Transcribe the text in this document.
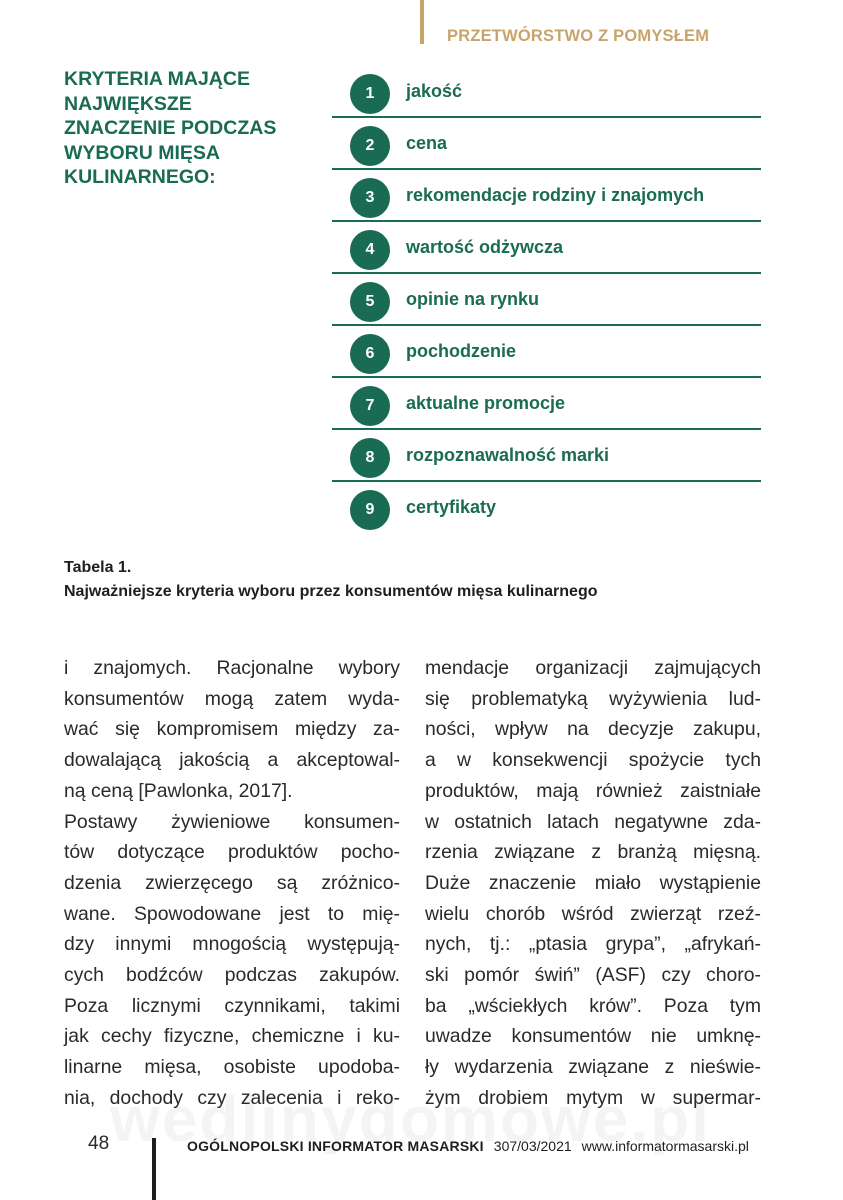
PRZETWÓRSTWO Z POMYSŁEM
KRYTERIA MAJĄCE
NAJWIĘKSZE
ZNACZENIE PODCZAS
WYBORU MIĘSA
KULINARNEGO:
1	jakość
2	cena
3	rekomendacje rodziny i znajomych
4	wartość odżywcza
5	opinie na rynku
6	pochodzenie
7	aktualne promocje
8	rozpoznawalność marki
9	certyfikaty
Tabela 1.
Najważniejsze kryteria wyboru przez konsumentów mięsa kulinarnego

i znajomych. Racjonalne wybory
konsumentów mogą zatem wyda-
wać się kompromisem między za-
dowalającą jakością a akceptowal-
ną ceną [Pawlonka, 2017].

Postawy żywieniowe konsumen-
tów dotyczące produktów pocho-
dzenia zwierzęcego są zróżnico-
wane. Spowodowane jest to mię-
dzy innymi mnogością występują-
cych bodźców podczas zakupów.
Poza licznymi czynnikami, takimi
jak cechy fizyczne, chemiczne i ku-
linarne mięsa, osobiste upodoba-
nia, dochody czy zalecenia i reko-

mendacje organizacji zajmujących
się problematyką wyżywienia lud-
ności, wpływ na decyzje zakupu,
a w konsekwencji spożycie tych
produktów, mają również zaistniałe
w ostatnich latach negatywne zda-
rzenia związane z branżą mięsną.
Duże znaczenie miało wystąpienie
wielu chorób wśród zwierząt rzeź-
nych, tj.: „ptasia grypa”, „afrykań-
ski pomór świń” (ASF) czy choro-
ba „wściekłych krów”. Poza tym
uwadze konsumentów nie umknę-
ły wydarzenia związane z nieświe-
żym drobiem mytym w supermar-

48	OGÓLNOPOLSKI INFORMATOR MASARSKI 307/03/2021 www.informatormasarski.pl
